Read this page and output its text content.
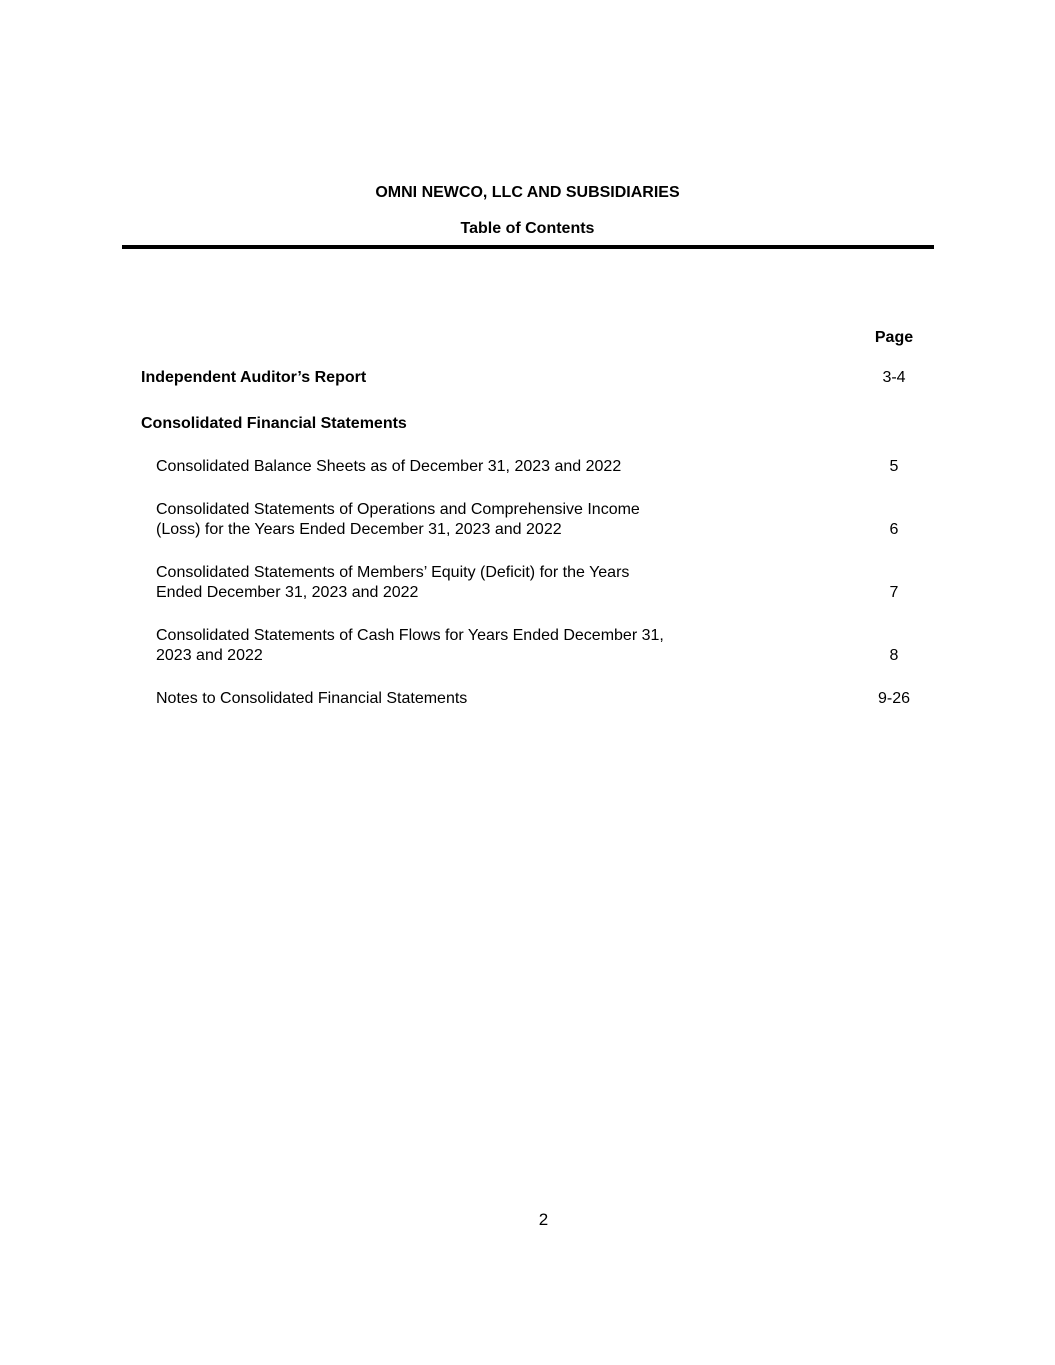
OMNI NEWCO, LLC AND SUBSIDIARIES
Table of Contents
Page
Independent Auditor’s Report	3-4
Consolidated Financial Statements
Consolidated Balance Sheets as of December 31, 2023 and 2022	5
Consolidated Statements of Operations and Comprehensive Income
(Loss) for the Years Ended December 31, 2023 and 2022	6
Consolidated Statements of Members’ Equity (Deficit) for the Years
Ended December 31, 2023 and 2022	7
Consolidated Statements of Cash Flows for Years Ended December 31,
2023 and 2022	8
Notes to Consolidated Financial Statements	9-26
2
